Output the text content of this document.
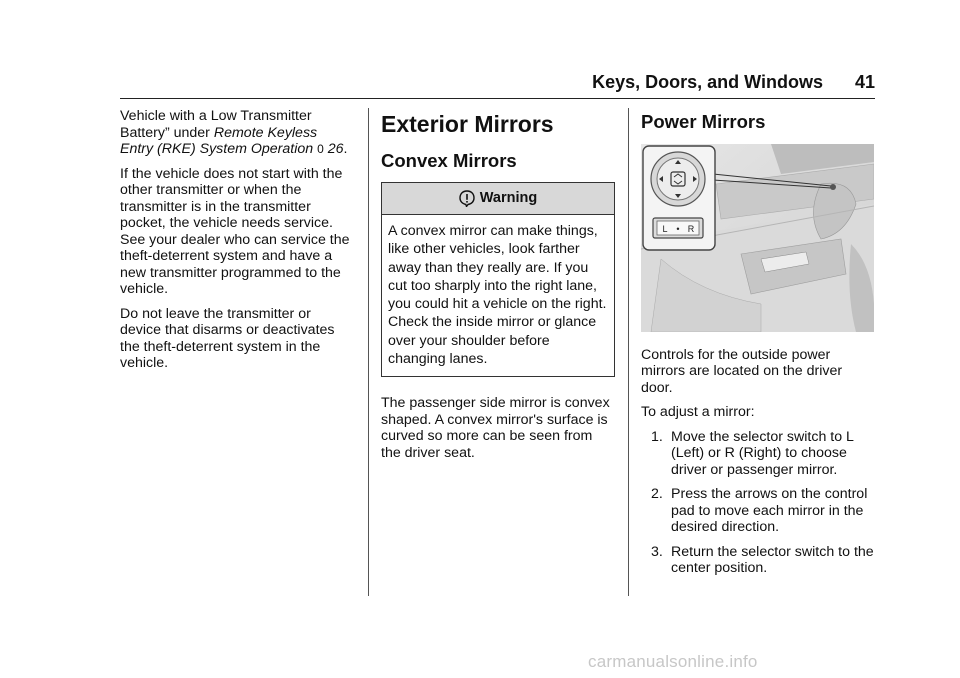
Keys, Doors, and Windows 41

Vehicle with a Low Transmitter Battery” under Remote Keyless Entry (RKE) System Operation 0 26.

If the vehicle does not start with the other transmitter or when the transmitter is in the transmitter pocket, the vehicle needs service. See your dealer who can service the theft-deterrent system and have a new transmitter programmed to the vehicle.

Do not leave the transmitter or device that disarms or deactivates the theft-deterrent system in the vehicle.

Exterior Mirrors
Convex Mirrors
Warning
A convex mirror can make things, like other vehicles, look farther away than they really are. If you cut too sharply into the right lane, you could hit a vehicle on the right. Check the inside mirror or glance over your shoulder before changing lanes.

The passenger side mirror is convex shaped. A convex mirror's surface is curved so more can be seen from the driver seat.

Power Mirrors
L • R

Controls for the outside power mirrors are located on the driver door.

To adjust a mirror:

1. Move the selector switch to L (Left) or R (Right) to choose driver or passenger mirror.
2. Press the arrows on the control pad to move each mirror in the desired direction.
3. Return the selector switch to the center position.
carmanualsonline.info
